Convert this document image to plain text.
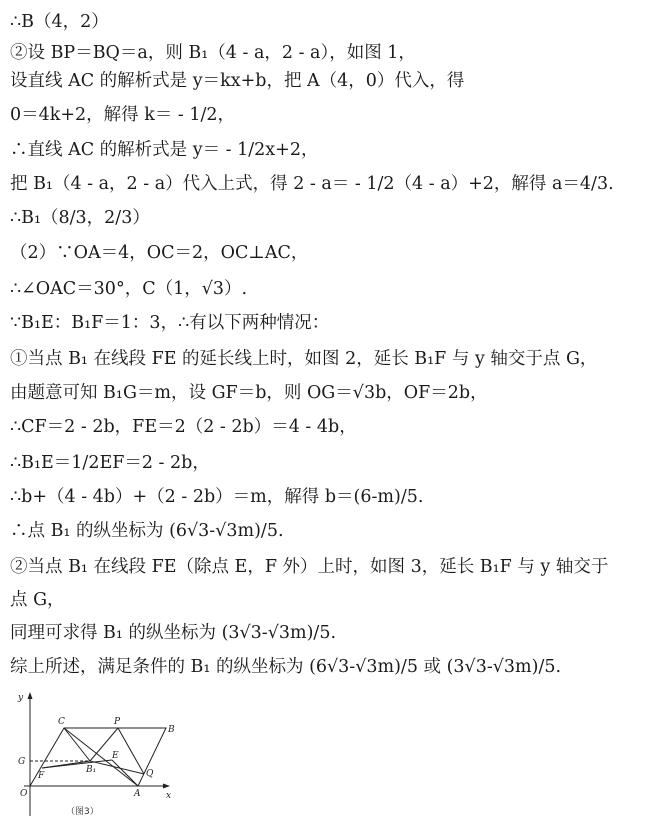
∴B（4，2）
②设 BP＝BQ＝a，则 B₁（4 - a，2 - a），如图 1，
设直线 AC 的解析式是 y＝kx+b，把 A（4，0）代入，得
0＝4k+2，解得 k＝ - 1/2，
∴直线 AC 的解析式是 y＝ - 1/2x+2，
把 B₁（4 - a，2 - a）代入上式，得 2 - a＝ - 1/2（4 - a）+2，解得 a＝4/3.
∴B₁（8/3，2/3）
（2）∵OA＝4，OC＝2，OC⊥AC，
∴∠OAC＝30°，C（1，√3）.
∵B₁E：B₁F＝1：3，∴有以下两种情况：
①当点 B₁ 在线段 FE 的延长线上时，如图 2，延长 B₁F 与 y 轴交于点 G，
由题意可知 B₁G＝m，设 GF＝b，则 OG＝√3b，OF＝2b，
∴CF＝2 - 2b，FE＝2（2 - 2b）＝4 - 4b，
∴B₁E＝1/2EF＝2 - 2b，
∴b+（4 - 4b）+（2 - 2b）＝m，解得 b＝(6-m)/5.
∴点 B₁ 的纵坐标为 (6√3-√3m)/5.
②当点 B₁ 在线段 FE（除点 E，F 外）上时，如图 3，延长 B₁F 与 y 轴交于
点 G，
同理可求得 B₁ 的纵坐标为 (3√3-√3m)/5.
综上所述，满足条件的 B₁ 的纵坐标为 (6√3-√3m)/5 或 (3√3-√3m)/5.
y
x
O
G
F
C	P
B
B₁
E
Q
A
（图3）
